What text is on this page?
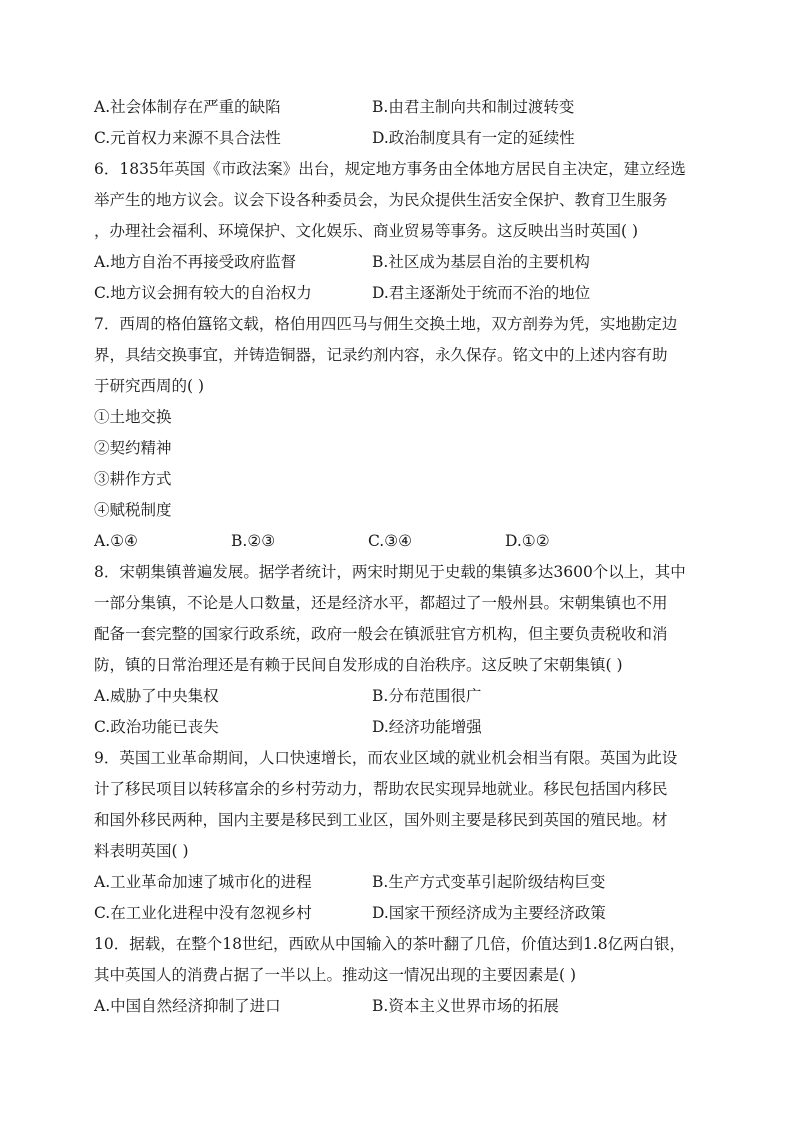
A.社会体制存在严重的缺陷	B.由君主制向共和制过渡转变
C.元首权力来源不具合法性	D.政治制度具有一定的延续性
6．1835年英国《市政法案》出台，规定地方事务由全体地方居民自主决定，建立经选
举产生的地方议会。议会下设各种委员会，为民众提供生活安全保护、教育卫生服务
，办理社会福利、环境保护、文化娱乐、商业贸易等事务。这反映出当时英国( )
A.地方自治不再接受政府监督	B.社区成为基层自治的主要机构
C.地方议会拥有较大的自治权力	D.君主逐渐处于统而不治的地位
7．西周的格伯簋铭文载，格伯用四匹马与佣生交换土地，双方剖券为凭，实地勘定边
界，具结交换事宜，并铸造铜器，记录约剂内容，永久保存。铭文中的上述内容有助
于研究西周的( )
①土地交换
②契约精神
③耕作方式
④赋税制度
A.①④	B.②③	C.③④	D.①②
8．宋朝集镇普遍发展。据学者统计，两宋时期见于史载的集镇多达3600个以上，其中
一部分集镇，不论是人口数量，还是经济水平，都超过了一般州县。宋朝集镇也不用
配备一套完整的国家行政系统，政府一般会在镇派驻官方机构，但主要负责税收和消
防，镇的日常治理还是有赖于民间自发形成的自治秩序。这反映了宋朝集镇( )
A.威胁了中央集权	B.分布范围很广
C.政治功能已丧失	D.经济功能增强
9．英国工业革命期间，人口快速增长，而农业区域的就业机会相当有限。英国为此设
计了移民项目以转移富余的乡村劳动力，帮助农民实现异地就业。移民包括国内移民
和国外移民两种，国内主要是移民到工业区，国外则主要是移民到英国的殖民地。材
料表明英国( )
A.工业革命加速了城市化的进程	B.生产方式变革引起阶级结构巨变
C.在工业化进程中没有忽视乡村	D.国家干预经济成为主要经济政策
10．据载，在整个18世纪，西欧从中国输入的茶叶翻了几倍，价值达到1.8亿两白银，
其中英国人的消费占据了一半以上。推动这一情况出现的主要因素是( )
A.中国自然经济抑制了进口	B.资本主义世界市场的拓展
